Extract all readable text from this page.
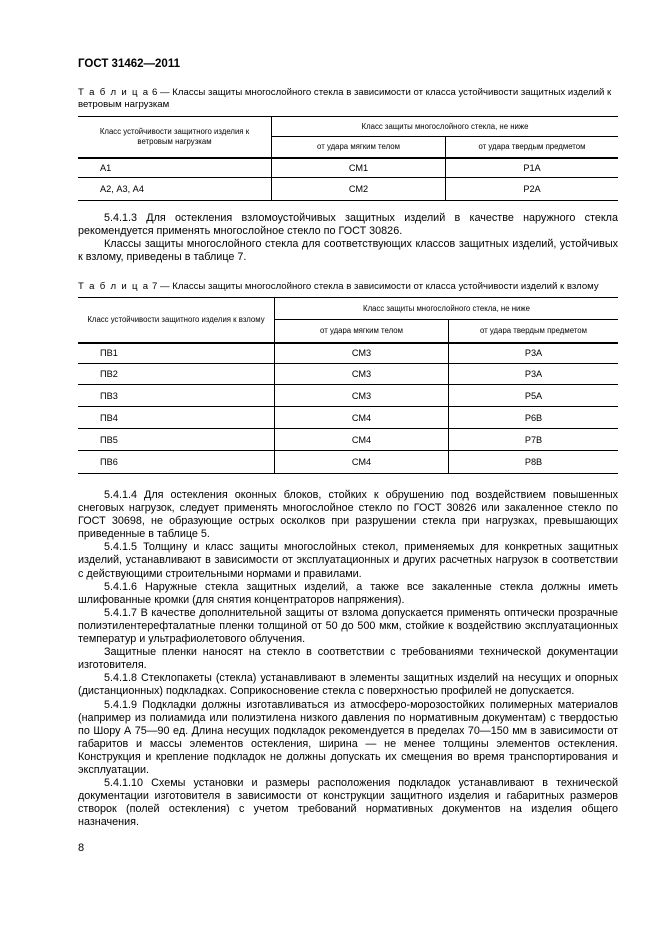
ГОСТ 31462—2011
Т а б л и ц а 6 — Классы защиты многослойного стекла в зависимости от класса устойчивости защитных изделий к ветровым нагрузкам
Класс устойчивости защитного изделия к ветровым нагрузкам	Класс защиты многослойного стекла, не ниже	
	от удара мягким телом	от удара твердым предметом
А1	СМ1	Р1А
А2, А3, А4	СМ2	Р2А

5.4.1.3 Для остекления взломоустойчивых защитных изделий в качестве наружного стекла рекомендуется применять многослойное стекло по ГОСТ 30826.

Классы защиты многослойного стекла для соответствующих классов защитных изделий, устойчивых к взлому, приведены в таблице 7.

Т а б л и ц а 7 — Классы защиты многослойного стекла в зависимости от класса устойчивости изделий к взлому
Класс устойчивости защитного изделия к взлому	Класс защиты многослойного стекла, не ниже	
	от удара мягким телом	от удара твердым предметом
ПВ1	СМ3	Р3А
ПВ2	СМ3	Р3А
ПВ3	СМ3	Р5А
ПВ4	СМ4	Р6В
ПВ5	СМ4	Р7В
ПВ6	СМ4	Р8В

5.4.1.4 Для остекления оконных блоков, стойких к обрушению под воздействием повышенных снеговых нагрузок, следует применять многослойное стекло по ГОСТ 30826 или закаленное стекло по ГОСТ 30698, не образующие острых осколков при разрушении стекла при нагрузках, превышающих приведенные в таблице 5.

5.4.1.5 Толщину и класс защиты многослойных стекол, применяемых для конкретных защитных изделий, устанавливают в зависимости от эксплуатационных и других расчетных нагрузок в соответствии с действующими строительными нормами и правилами.

5.4.1.6 Наружные стекла защитных изделий, а также все закаленные стекла должны иметь шлифованные кромки (для снятия концентраторов напряжения).

5.4.1.7 В качестве дополнительной защиты от взлома допускается применять оптически прозрачные полиэтилентерефталатные пленки толщиной от 50 до 500 мкм, стойкие к воздействию эксплуатационных температур и ультрафиолетового облучения.

Защитные пленки наносят на стекло в соответствии с требованиями технической документации изготовителя.

5.4.1.8 Стеклопакеты (стекла) устанавливают в элементы защитных изделий на несущих и опорных (дистанционных) подкладках. Соприкосновение стекла с поверхностью профилей не допускается.

5.4.1.9 Подкладки должны изготавливаться из атмосферо-морозостойких полимерных материалов (например из полиамида или полиэтилена низкого давления по нормативным документам) с твердостью по Шору А 75—90 ед. Длина несущих подкладок рекомендуется в пределах 70—150 мм в зависимости от габаритов и массы элементов остекления, ширина — не менее толщины элементов остекления. Конструкция и крепление подкладок не должны допускать их смещения во время транспортирования и эксплуатации.

5.4.1.10 Схемы установки и размеры расположения подкладок устанавливают в технической документации изготовителя в зависимости от конструкции защитного изделия и габаритных размеров створок (полей остекления) с учетом требований нормативных документов на изделия общего назначения.

8
